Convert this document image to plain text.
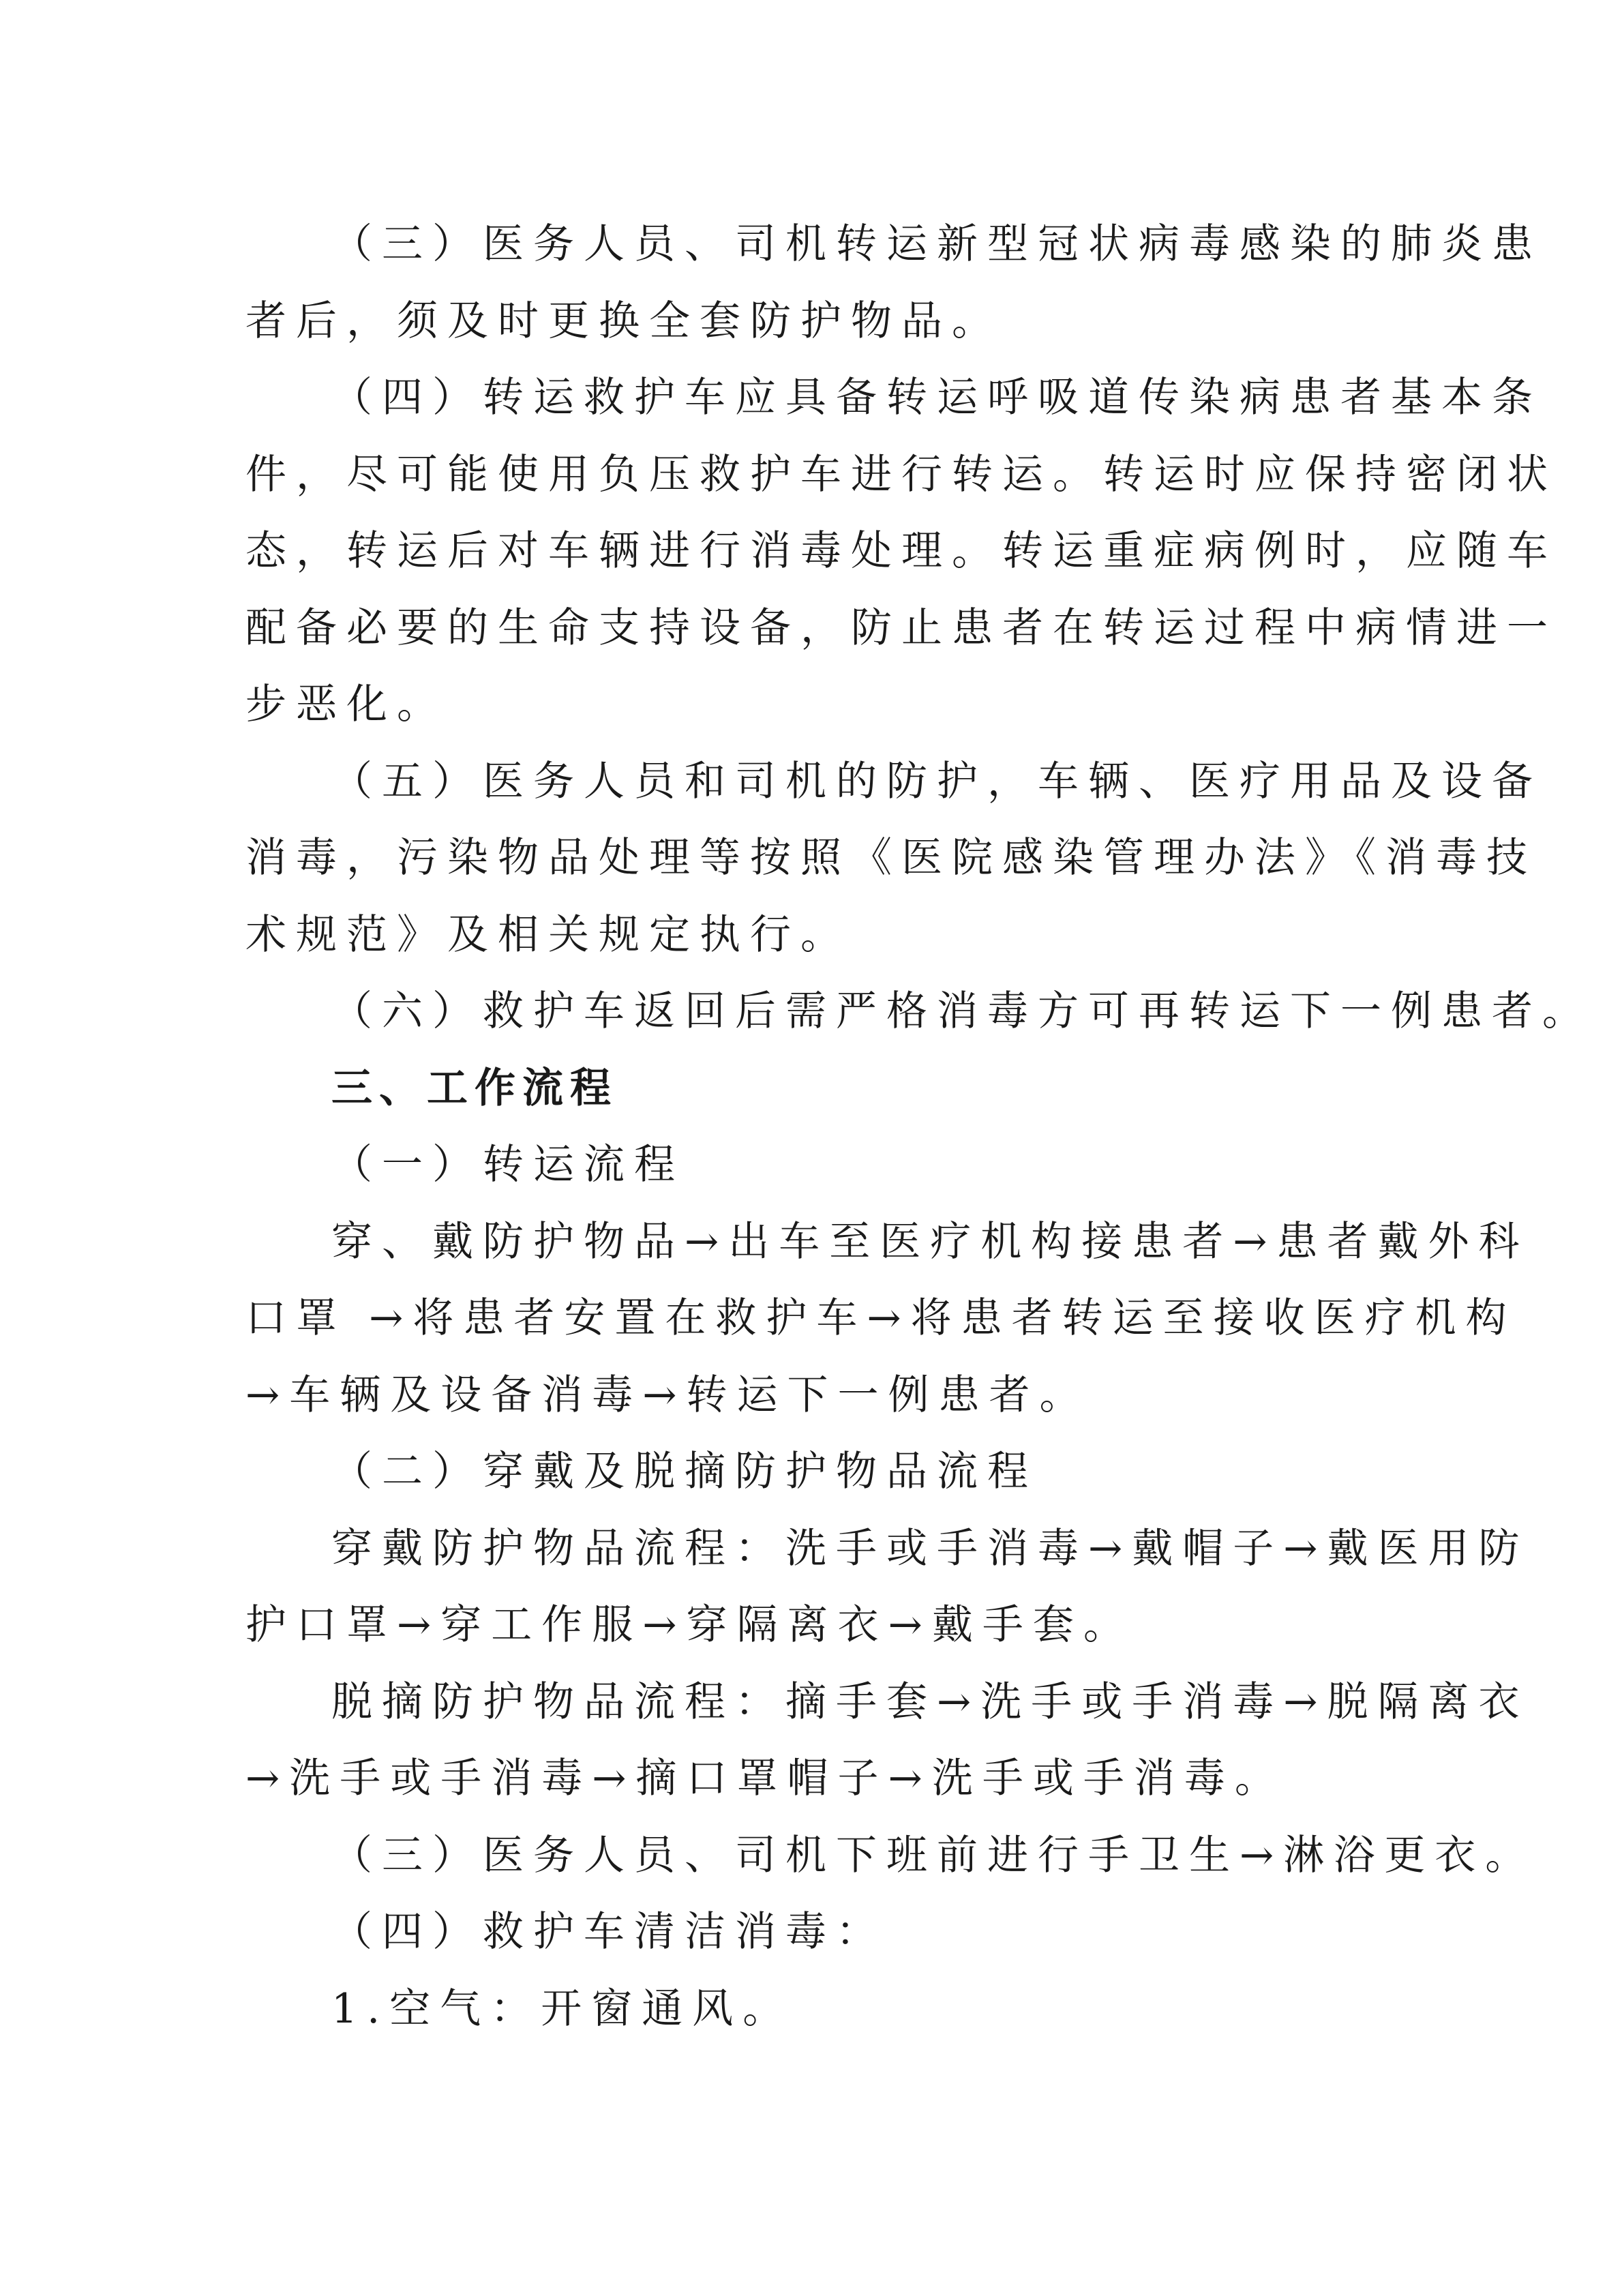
（三）医务人员、司机转运新型冠状病毒感染的肺炎患
者后，须及时更换全套防护物品。
（四）转运救护车应具备转运呼吸道传染病患者基本条
件，尽可能使用负压救护车进行转运。转运时应保持密闭状
态，转运后对车辆进行消毒处理。转运重症病例时，应随车
配备必要的生命支持设备，防止患者在转运过程中病情进一
步恶化。
（五）医务人员和司机的防护，车辆、医疗用品及设备
消毒，污染物品处理等按照《医院感染管理办法》《消毒技
术规范》及相关规定执行。
（六）救护车返回后需严格消毒方可再转运下一例患者。
三、工作流程
（一）转运流程
穿、戴防护物品→出车至医疗机构接患者→患者戴外科
口罩 →将患者安置在救护车→将患者转运至接收医疗机构
→车辆及设备消毒→转运下一例患者。
（二）穿戴及脱摘防护物品流程
穿戴防护物品流程：洗手或手消毒→戴帽子→戴医用防
护口罩→穿工作服→穿隔离衣→戴手套。
脱摘防护物品流程：摘手套→洗手或手消毒→脱隔离衣
→洗手或手消毒→摘口罩帽子→洗手或手消毒。
（三）医务人员、司机下班前进行手卫生→淋浴更衣。
（四）救护车清洁消毒：
1.空气：开窗通风。
